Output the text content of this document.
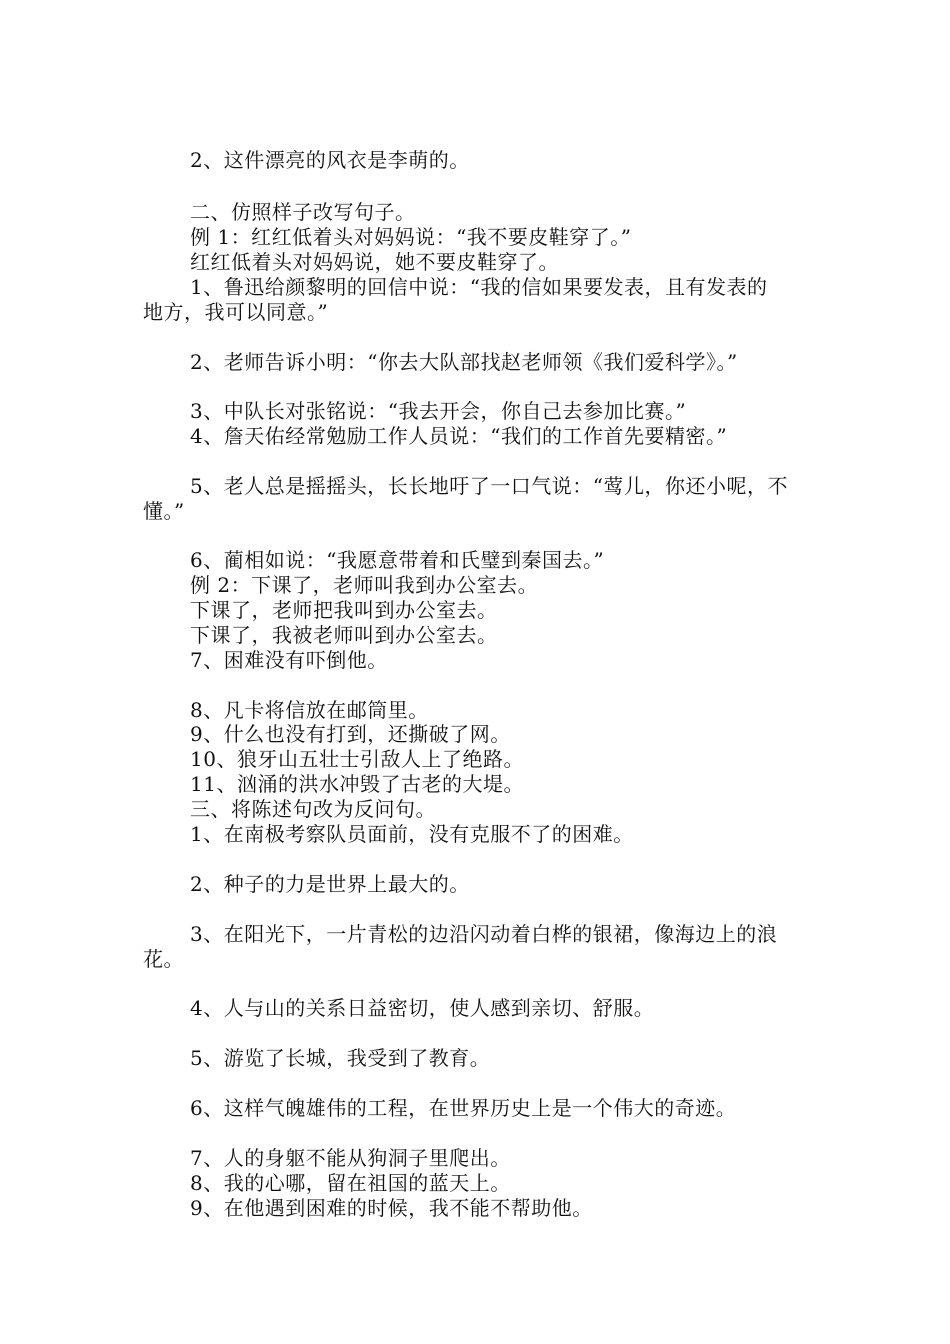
2、这件漂亮的风衣是李萌的。
二、仿照样子改写句子。
例 1：红红低着头对妈妈说：“我不要皮鞋穿了。”
红红低着头对妈妈说，她不要皮鞋穿了。
1、鲁迅给颜黎明的回信中说：“我的信如果要发表，且有发表的
地方，我可以同意。”
2、老师告诉小明：“你去大队部找赵老师领《我们爱科学》。”
3、中队长对张铭说：“我去开会，你自己去参加比赛。”
4、詹天佑经常勉励工作人员说：“我们的工作首先要精密。”
5、老人总是摇摇头，长长地吁了一口气说：“莺儿，你还小呢，不
懂。”
6、蔺相如说：“我愿意带着和氏璧到秦国去。”
例 2：下课了，老师叫我到办公室去。
下课了，老师把我叫到办公室去。
下课了，我被老师叫到办公室去。
7、困难没有吓倒他。
8、凡卡将信放在邮筒里。
9、什么也没有打到，还撕破了网。
10、狼牙山五壮士引敌人上了绝路。
11、汹涌的洪水冲毁了古老的大堤。
三、将陈述句改为反问句。
1、在南极考察队员面前，没有克服不了的困难。
2、种子的力是世界上最大的。
3、在阳光下，一片青松的边沿闪动着白桦的银裙，像海边上的浪
花。
4、人与山的关系日益密切，使人感到亲切、舒服。
5、游览了长城，我受到了教育。
6、这样气魄雄伟的工程，在世界历史上是一个伟大的奇迹。
7、人的身躯不能从狗洞子里爬出。
8、我的心哪，留在祖国的蓝天上。
9、在他遇到困难的时候，我不能不帮助他。
